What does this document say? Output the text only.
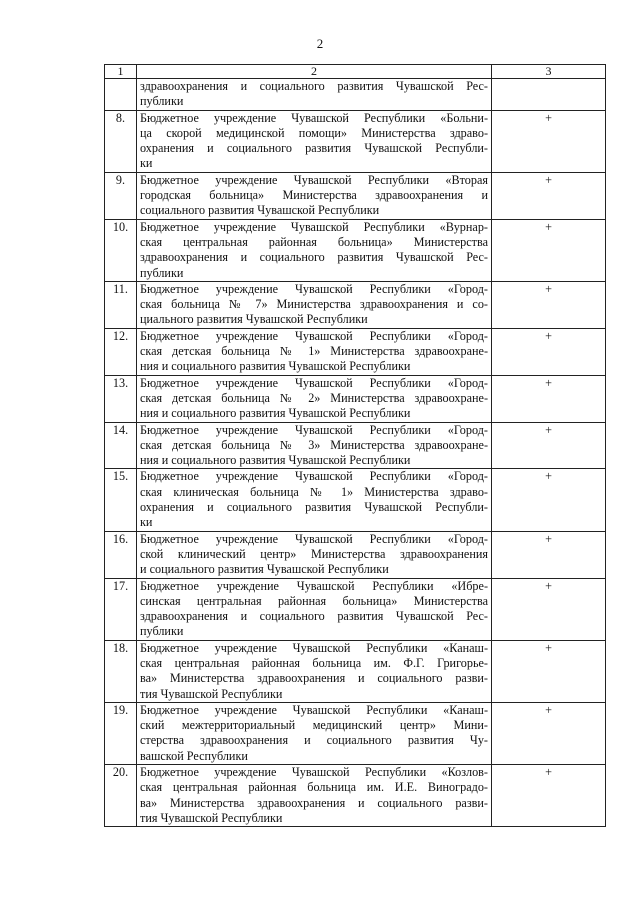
2
1	2	3

	здравоохранения и социального развития Чувашской Рес-
публики	

8.	Бюджетное учреждение Чувашской Республики «Больни-
ца скорой медицинской помощи» Министерства здраво-
охранения и социального развития Чувашской Республи-
ки	+
9.	Бюджетное учреждение Чувашской Республики «Вторая
городская больница» Министерства здравоохранения и
социального развития Чувашской Республики	+
10.	Бюджетное учреждение Чувашской Республики «Вурнар-
ская центральная районная больница» Министерства
здравоохранения и социального развития Чувашской Рес-
публики	+
11.	Бюджетное учреждение Чувашской Республики «Город-
ская больница № 7» Министерства здравоохранения и со-
циального развития Чувашской Республики	+
12.	Бюджетное учреждение Чувашской Республики «Город-
ская детская больница № 1» Министерства здравоохране-
ния и социального развития Чувашской Республики	+
13.	Бюджетное учреждение Чувашской Республики «Город-
ская детская больница № 2» Министерства здравоохране-
ния и социального развития Чувашской Республики	+
14.	Бюджетное учреждение Чувашской Республики «Город-
ская детская больница № 3» Министерства здравоохране-
ния и социального развития Чувашской Республики	+
15.	Бюджетное учреждение Чувашской Республики «Город-
ская клиническая больница № 1» Министерства здраво-
охранения и социального развития Чувашской Республи-
ки	+
16.	Бюджетное учреждение Чувашской Республики «Город-
ской клинический центр» Министерства здравоохранения
и социального развития Чувашской Республики	+
17.	Бюджетное учреждение Чувашской Республики «Ибре-
синская центральная районная больница» Министерства
здравоохранения и социального развития Чувашской Рес-
публики	+
18.	Бюджетное учреждение Чувашской Республики «Канаш-
ская центральная районная больница им. Ф.Г. Григорье-
ва» Министерства здравоохранения и социального разви-
тия Чувашской Республики	+
19.	Бюджетное учреждение Чувашской Республики «Канаш-
ский межтерриториальный медицинский центр» Мини-
стерства здравоохранения и социального развития Чу-
вашской Республики	+
20.	Бюджетное учреждение Чувашской Республики «Козлов-
ская центральная районная больница им. И.Е. Виноградо-
ва» Министерства здравоохранения и социального разви-
тия Чувашской Республики	+
